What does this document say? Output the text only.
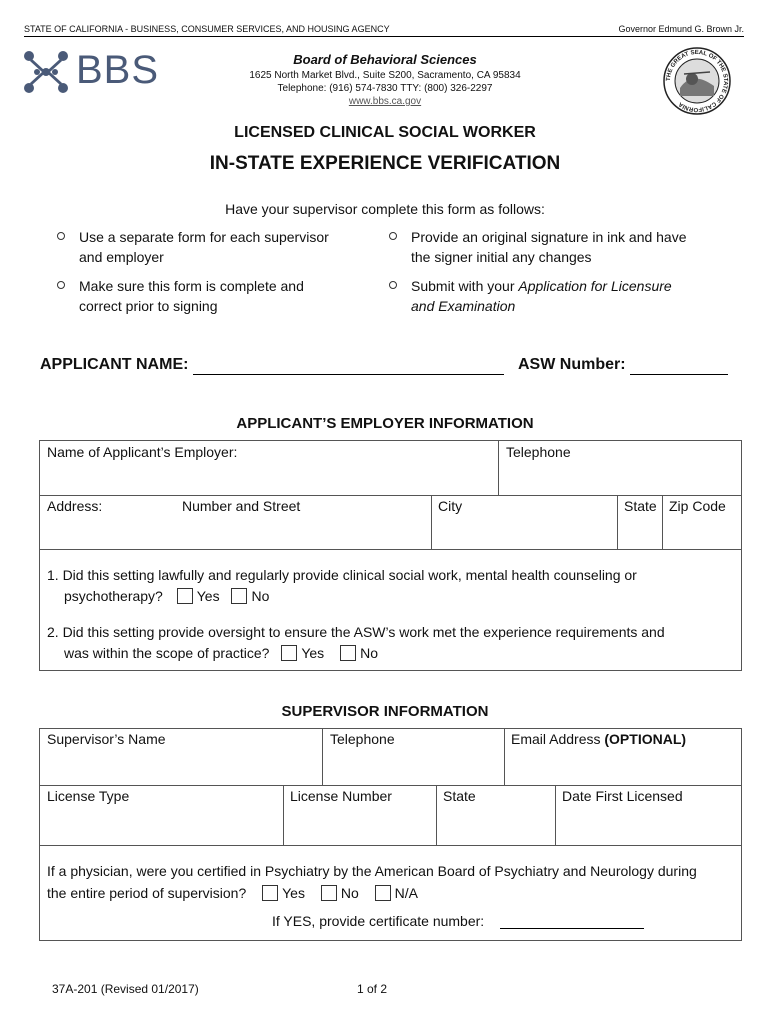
STATE OF CALIFORNIA - BUSINESS, CONSUMER SERVICES, AND HOUSING AGENCY	Governor Edmund G. Brown Jr.
BBS	Board of Behavioral Sciences
1625 North Market Blvd., Suite S200, Sacramento, CA 95834
Telephone: (916) 574-7830 TTY: (800) 326-2297
www.bbs.ca.gov
THE GREAT SEAL OF THE STATE OF CALIFORNIA
LICENSED CLINICAL SOCIAL WORKER
IN-STATE EXPERIENCE VERIFICATION
Have your supervisor complete this form as follows:
Use a separate form for each supervisor
and employer
Provide an original signature in ink and have
the signer initial any changes
Make sure this form is complete and
correct prior to signing
Submit with your Application for Licensure
and Examination
APPLICANT NAME:	ASW Number:
APPLICANT’S EMPLOYER INFORMATION
Name of Applicant’s Employer:	Telephone
Address:	Number and Street	City	State Zip Code
1. Did this setting lawfully and regularly provide clinical social work, mental health counseling or
psychotherapy? Yes No
2. Did this setting provide oversight to ensure the ASW’s work met the experience requirements and
was within the scope of practice? Yes	No
SUPERVISOR INFORMATION
Supervisor’s Name	Telephone	Email Address (OPTIONAL)
License Type	License Number	State	Date First Licensed
If a physician, were you certified in Psychiatry by the American Board of Psychiatry and Neurology during
the entire period of supervision?	Yes	No	N/A
If YES, provide certificate number:
37A-201 (Revised 01/2017)	1 of 2
